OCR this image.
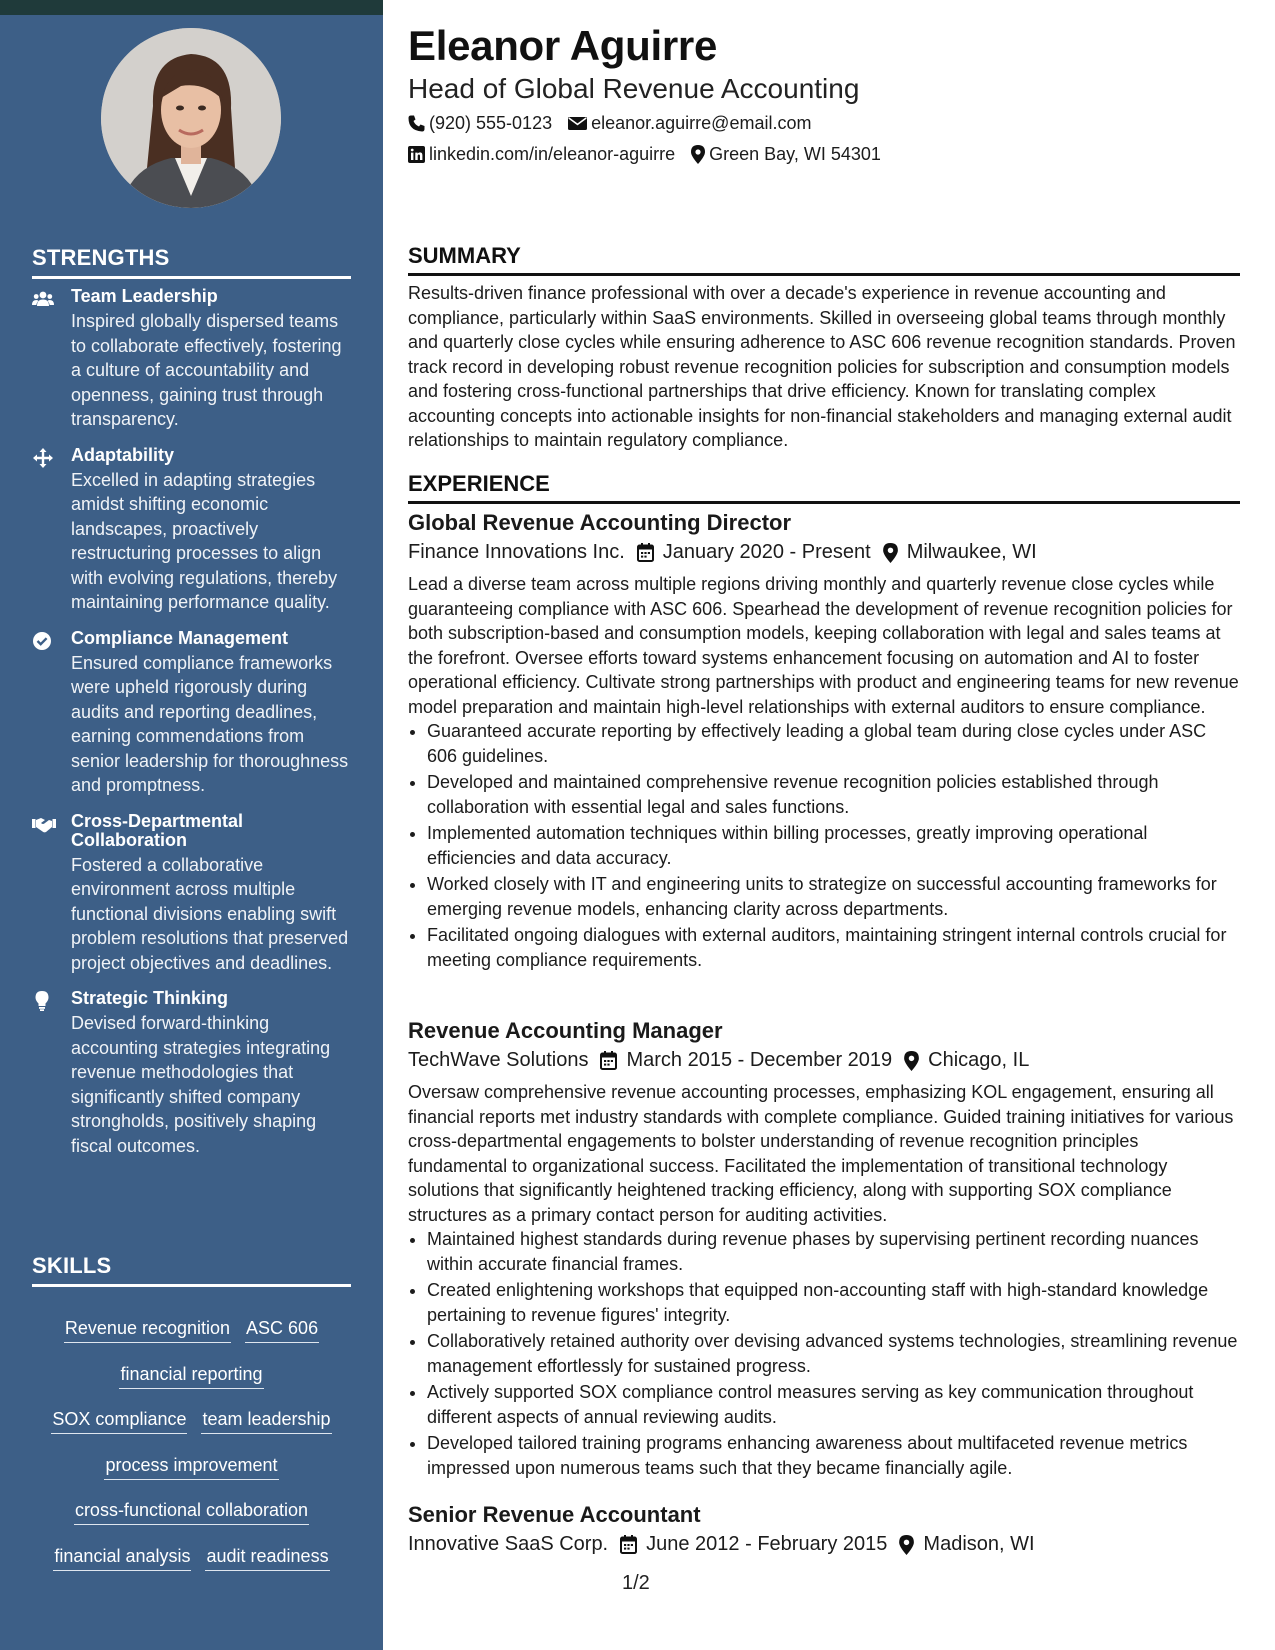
STRENGTHS
Team Leadership
Inspired globally dispersed teams to collaborate effectively, fostering a culture of accountability and openness, gaining trust through transparency.
Adaptability
Excelled in adapting strategies amidst shifting economic landscapes, proactively restructuring processes to align with evolving regulations, thereby maintaining performance quality.
Compliance Management
Ensured compliance frameworks were upheld rigorously during audits and reporting deadlines, earning commendations from senior leadership for thoroughness and promptness.
Cross-Departmental Collaboration
Fostered a collaborative environment across multiple functional divisions enabling swift problem resolutions that preserved project objectives and deadlines.
Strategic Thinking
Devised forward-thinking accounting strategies integrating revenue methodologies that significantly shifted company strongholds, positively shaping fiscal outcomes.
SKILLS
Revenue recognition ASC 606
financial reporting
SOX compliance team leadership
process improvement
cross-functional collaboration
financial analysis audit readiness
Eleanor Aguirre
Head of Global Revenue Accounting
(920) 555-0123 eleanor.aguirre@email.com
linkedin.com/in/eleanor-aguirre Green Bay, WI 54301
SUMMARY
Results-driven finance professional with over a decade's experience in revenue accounting and compliance, particularly within SaaS environments. Skilled in overseeing global teams through monthly and quarterly close cycles while ensuring adherence to ASC 606 revenue recognition standards. Proven track record in developing robust revenue recognition policies for subscription and consumption models and fostering cross-functional partnerships that drive efficiency. Known for translating complex accounting concepts into actionable insights for non-financial stakeholders and managing external audit relationships to maintain regulatory compliance.
EXPERIENCE
Global Revenue Accounting Director
Finance Innovations Inc. January 2020 - Present Milwaukee, WI
Lead a diverse team across multiple regions driving monthly and quarterly revenue close cycles while guaranteeing compliance with ASC 606. Spearhead the development of revenue recognition policies for both subscription-based and consumption models, keeping collaboration with legal and sales teams at the forefront. Oversee efforts toward systems enhancement focusing on automation and AI to foster operational efficiency. Cultivate strong partnerships with product and engineering teams for new revenue model preparation and maintain high-level relationships with external auditors to ensure compliance.
• Guaranteed accurate reporting by effectively leading a global team during close cycles under ASC 606 guidelines.
• Developed and maintained comprehensive revenue recognition policies established through collaboration with essential legal and sales functions.
• Implemented automation techniques within billing processes, greatly improving operational efficiencies and data accuracy.
• Worked closely with IT and engineering units to strategize on successful accounting frameworks for emerging revenue models, enhancing clarity across departments.
• Facilitated ongoing dialogues with external auditors, maintaining stringent internal controls crucial for meeting compliance requirements.
Revenue Accounting Manager
TechWave Solutions March 2015 - December 2019 Chicago, IL
Oversaw comprehensive revenue accounting processes, emphasizing KOL engagement, ensuring all financial reports met industry standards with complete compliance. Guided training initiatives for various cross-departmental engagements to bolster understanding of revenue recognition principles fundamental to organizational success. Facilitated the implementation of transitional technology solutions that significantly heightened tracking efficiency, along with supporting SOX compliance structures as a primary contact person for auditing activities.
• Maintained highest standards during revenue phases by supervising pertinent recording nuances within accurate financial frames.
• Created enlightening workshops that equipped non-accounting staff with high-standard knowledge pertaining to revenue figures' integrity.
• Collaboratively retained authority over devising advanced systems technologies, streamlining revenue management effortlessly for sustained progress.
• Actively supported SOX compliance control measures serving as key communication throughout different aspects of annual reviewing audits.
• Developed tailored training programs enhancing awareness about multifaceted revenue metrics impressed upon numerous teams such that they became financially agile.
Senior Revenue Accountant
Innovative SaaS Corp. June 2012 - February 2015 Madison, WI
1/2
